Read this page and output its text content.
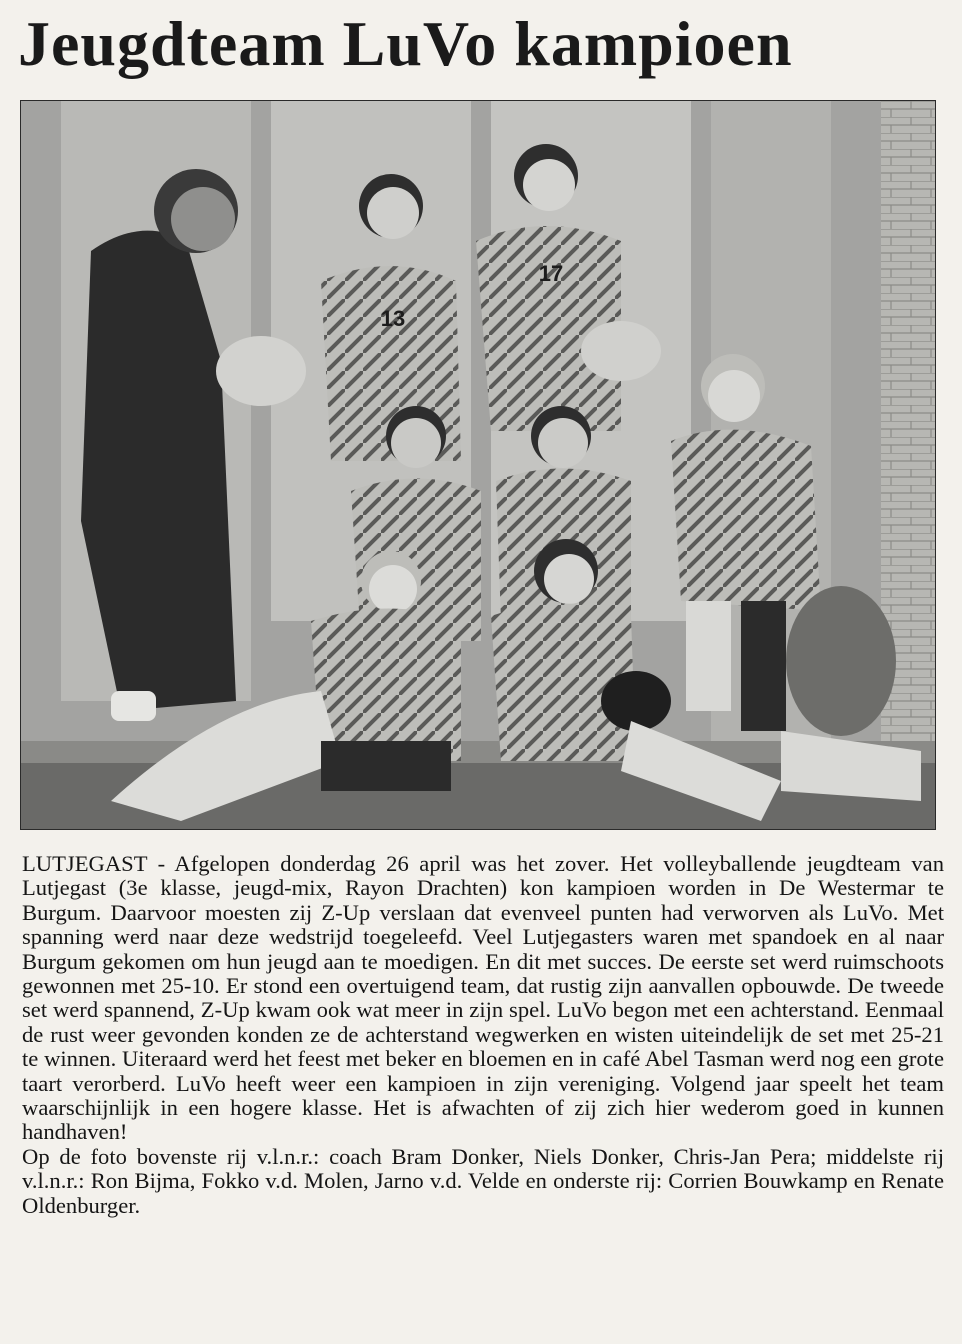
Jeugdteam LuVo kampioen
13
17

LUTJEGAST - Afgelopen donderdag 26 april was het zover. Het volleyballende jeugdteam van Lutjegast (3e klasse, jeugd-mix, Rayon Drachten) kon kampioen worden in De Westermar te Burgum. Daarvoor moesten zij Z-Up verslaan dat evenveel punten had verworven als LuVo. Met spanning werd naar deze wedstrijd toegeleefd. Veel Lutjegasters waren met spandoek en al naar Burgum gekomen om hun jeugd aan te moedigen. En dit met succes. De eerste set werd ruimschoots gewonnen met 25-10. Er stond een overtuigend team, dat rustig zijn aanvallen opbouwde. De tweede set werd spannend, Z-Up kwam ook wat meer in zijn spel. LuVo begon met een achterstand. Eenmaal de rust weer gevonden konden ze de achterstand wegwerken en wisten uiteindelijk de set met 25-21 te winnen. Uiteraard werd het feest met beker en bloemen en in café Abel Tasman werd nog een grote taart verorberd. LuVo heeft weer een kampioen in zijn vereniging. Volgend jaar speelt het team waarschijnlijk in een hogere klasse. Het is afwachten of zij zich hier wederom goed in kunnen handhaven!

Op de foto bovenste rij v.l.n.r.: coach Bram Donker, Niels Donker, Chris-Jan Pera; middelste rij v.l.n.r.: Ron Bijma, Fokko v.d. Molen, Jarno v.d. Velde en onderste rij: Corrien Bouwkamp en Renate Oldenburger.
